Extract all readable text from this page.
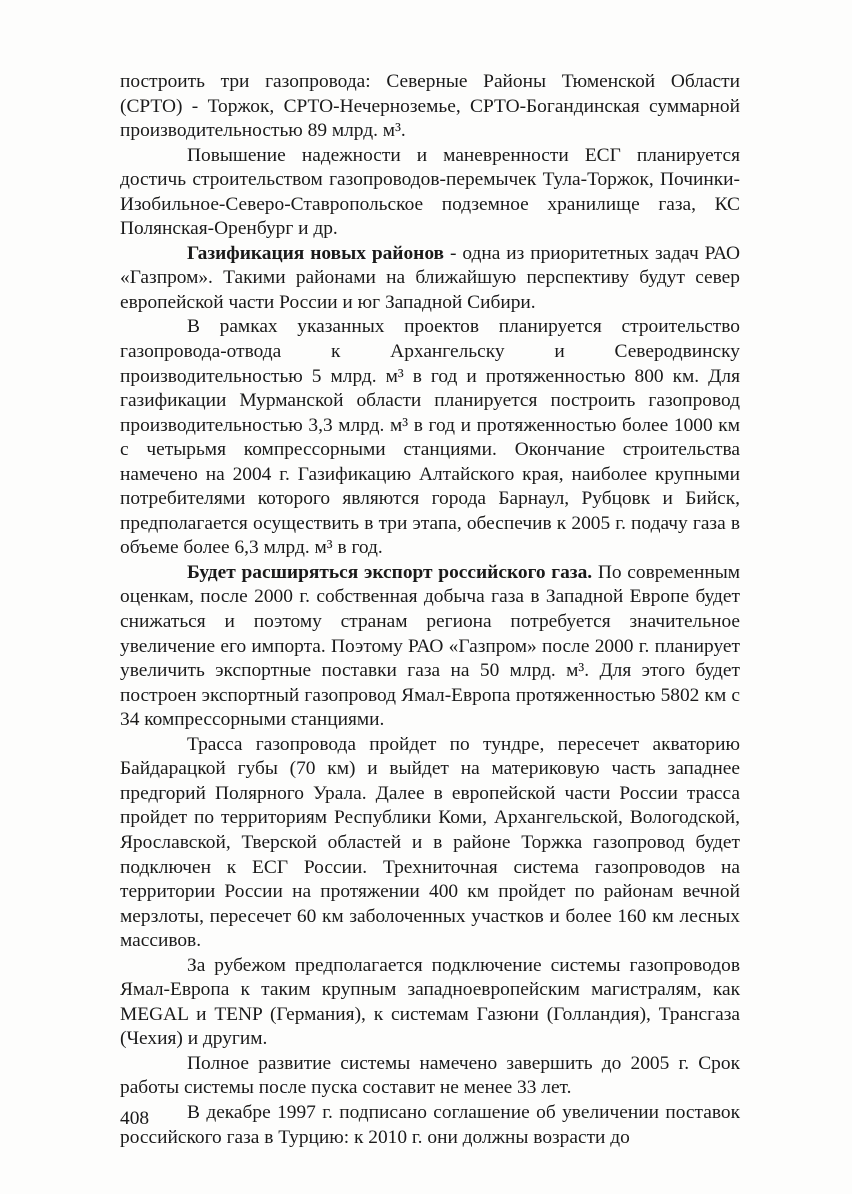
построить три газопровода: Северные Районы Тюменской Области (СРТО) - Торжок, СРТО-Нечерноземье, СРТО-Богандинская суммарной производительностью 89 млрд. м³.

Повышение надежности и маневренности ЕСГ планируется достичь строительством газопроводов-перемычек Тула-Торжок, Починки-Изобильное-Северо-Ставропольское подземное хранилище газа, КС Полянская-Оренбург и др.

Газификация новых районов - одна из приоритетных задач РАО «Газпром». Такими районами на ближайшую перспективу будут север европейской части России и юг Западной Сибири.

В рамках указанных проектов планируется строительство газопровода-отвода к Архангельску и Северодвинску производительностью 5 млрд. м³ в год и протяженностью 800 км. Для газификации Мурманской области планируется построить газопровод производительностью 3,3 млрд. м³ в год и протяженностью более 1000 км с четырьмя компрессорными станциями. Окончание строительства намечено на 2004 г. Газификацию Алтайского края, наиболее крупными потребителями которого являются города Барнаул, Рубцовк и Бийск, предполагается осуществить в три этапа, обеспечив к 2005 г. подачу газа в объеме более 6,3 млрд. м³ в год.

Будет расширяться экспорт российского газа. По современным оценкам, после 2000 г. собственная добыча газа в Западной Европе будет снижаться и поэтому странам региона потребуется значительное увеличение его импорта. Поэтому РАО «Газпром» после 2000 г. планирует увеличить экспортные поставки газа на 50 млрд. м³. Для этого будет построен экспортный газопровод Ямал-Европа протяженностью 5802 км с 34 компрессорными станциями.

Трасса газопровода пройдет по тундре, пересечет акваторию Байдарацкой губы (70 км) и выйдет на материковую часть западнее предгорий Полярного Урала. Далее в европейской части России трасса пройдет по территориям Республики Коми, Архангельской, Вологодской, Ярославской, Тверской областей и в районе Торжка газопровод будет подключен к ЕСГ России. Трехниточная система газопроводов на территории России на протяжении 400 км пройдет по районам вечной мерзлоты, пересечет 60 км заболоченных участков и более 160 км лесных массивов.

За рубежом предполагается подключение системы газопроводов Ямал-Европа к таким крупным западноевропейским магистралям, как MEGAL и TENP (Германия), к системам Газюни (Голландия), Трансгаза (Чехия) и другим.

Полное развитие системы намечено завершить до 2005 г. Срок работы системы после пуска составит не менее 33 лет.

В декабре 1997 г. подписано соглашение об увеличении поставок российского газа в Турцию: к 2010 г. они должны возрасти до

408
